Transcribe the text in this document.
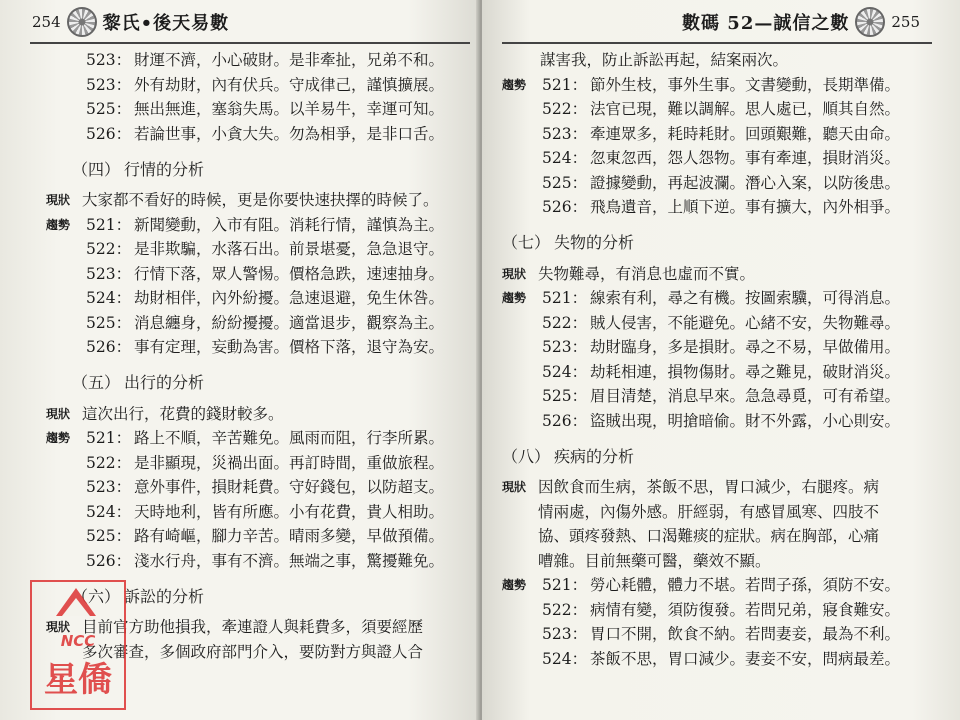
254 黎氏•後天易數
523： 財運不濟，小心破財。是非牽扯，兄弟不和。
523： 外有劫財，內有伏兵。守成律己，謹慎擴展。
525： 無出無進，塞翁失馬。以羊易牛，幸運可知。
526： 若論世事，小貪大失。勿為相爭，是非口舌。
（四） 行情的分析
現狀 大家都不看好的時候，更是你要快速抉擇的時候了。
趨勢	521： 新聞變動，入市有阻。消耗行情，謹慎為主。
522： 是非欺騙，水落石出。前景堪憂，急急退守。
523： 行情下落，眾人警惕。價格急跌，速速抽身。
524： 劫財相伴，內外紛擾。急速退避，免生休咎。
525： 消息纏身，紛紛擾擾。適當退步，觀察為主。
526： 事有定理，妄動為害。價格下落，退守為安。
（五） 出行的分析
現狀 這次出行，花費的錢財較多。
趨勢	521： 路上不順，辛苦難免。風雨而阻，行李所累。
522： 是非顯現，災禍出面。再訂時間，重做旅程。
523： 意外事件，損財耗費。守好錢包，以防超支。
524： 天時地利，皆有所應。小有花費，貴人相助。
525： 路有崎嶇，腳力辛苦。晴雨多變，早做預備。
526： 淺水行舟，事有不濟。無端之事，驚擾難免。
（六） 訴訟的分析
現狀 目前官方助他損我，牽連證人與耗費多，須要經歷
多次審查，多個政府部門介入，要防對方與證人合
NCC
星僑
數碼 52—誠信之數	255
謀害我，防止訴訟再起，結案兩次。
趨勢	521： 節外生枝，事外生事。文書變動，長期準備。
522： 法官已現，難以調解。思人處已，順其自然。
523： 牽連眾多，耗時耗財。回頭艱難，聽天由命。
524： 忽東忽西，怨人怨物。事有牽連，損財消災。
525： 證據變動，再起波瀾。潛心入案，以防後患。
526： 飛鳥遺音，上順下逆。事有擴大，內外相爭。
（七） 失物的分析
現狀 失物難尋，有消息也虛而不實。
趨勢	521： 線索有利，尋之有機。按圖索驥，可得消息。
522： 賊人侵害，不能避免。心緒不安，失物難尋。
523： 劫財臨身，多是損財。尋之不易，早做備用。
524： 劫耗相連，損物傷財。尋之難見，破財消災。
525： 眉目清楚，消息早來。急急尋覓，可有希望。
526： 盜賊出現，明搶暗偷。財不外露，小心則安。
（八） 疾病的分析
現狀 因飲食而生病，茶飯不思，胃口減少，右腿疼。病
情兩處，內傷外感。肝經弱，有感冒風寒、四肢不
協、頭疼發熱、口渴難痰的症狀。病在胸部，心痛
嘈雜。目前無藥可醫，藥效不顯。
趨勢	521： 勞心耗體，體力不堪。若問子孫，須防不安。
522： 病情有變，須防復發。若問兄弟，寢食難安。
523： 胃口不開，飲食不納。若問妻妾，最為不利。
524： 茶飯不思，胃口減少。妻妾不安，問病最差。
